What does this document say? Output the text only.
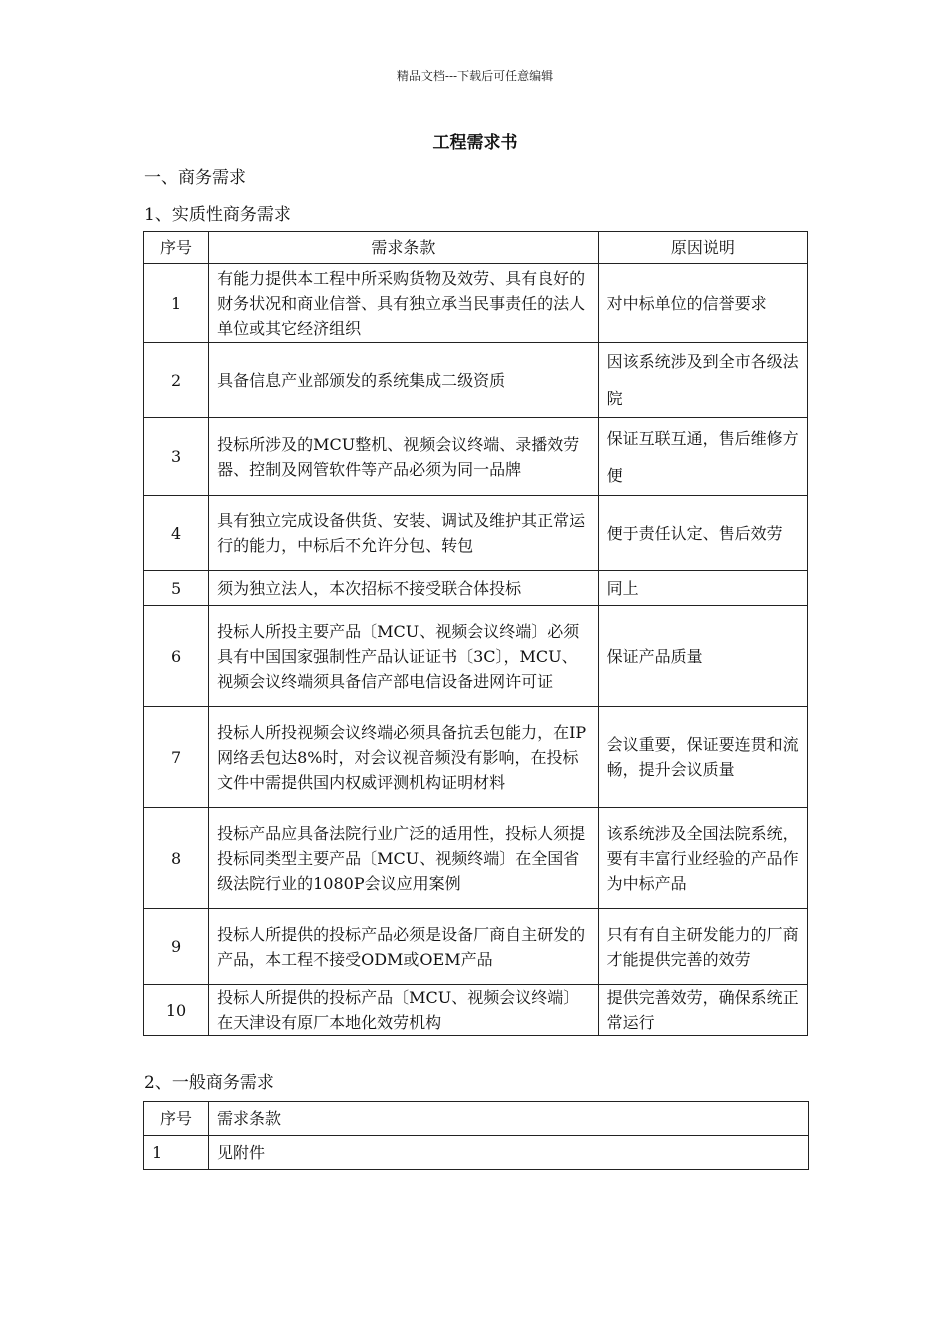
精品文档---下载后可任意编辑
工程需求书
一、商务需求
1、实质性商务需求
序号	需求条款	原因说明
1	有能力提供本工程中所采购货物及效劳、具有良好的财务状况和商业信誉、具有独立承当民事责任的法人单位或其它经济组织	对中标单位的信誉要求
2	具备信息产业部颁发的系统集成二级资质	因该系统涉及到全市各级法院
3	投标所涉及的MCU整机、视频会议终端、录播效劳器、控制及网管软件等产品必须为同一品牌	保证互联互通，售后维修方便
4	具有独立完成设备供货、安装、调试及维护其正常运行的能力，中标后不允许分包、转包	便于责任认定、售后效劳
5	须为独立法人，本次招标不接受联合体投标	同上
6	投标人所投主要产品〔MCU、视频会议终端〕必须具有中国国家强制性产品认证证书〔3C〕，MCU、视频会议终端须具备信产部电信设备进网许可证	保证产品质量
7	投标人所投视频会议终端必须具备抗丢包能力，在IP网络丢包达8%时，对会议视音频没有影响，在投标文件中需提供国内权威评测机构证明材料	会议重要，保证要连贯和流畅，提升会议质量
8	投标产品应具备法院行业广泛的适用性，投标人须提投标同类型主要产品〔MCU、视频终端〕在全国省级法院行业的1080P会议应用案例	该系统涉及全国法院系统，要有丰富行业经验的产品作为中标产品
9	投标人所提供的投标产品必须是设备厂商自主研发的产品，本工程不接受ODM或OEM产品	只有有自主研发能力的厂商才能提供完善的效劳
10	投标人所提供的投标产品〔MCU、视频会议终端〕在天津设有原厂本地化效劳机构	提供完善效劳，确保系统正常运行
2、一般商务需求
序号	需求条款
1	见附件
